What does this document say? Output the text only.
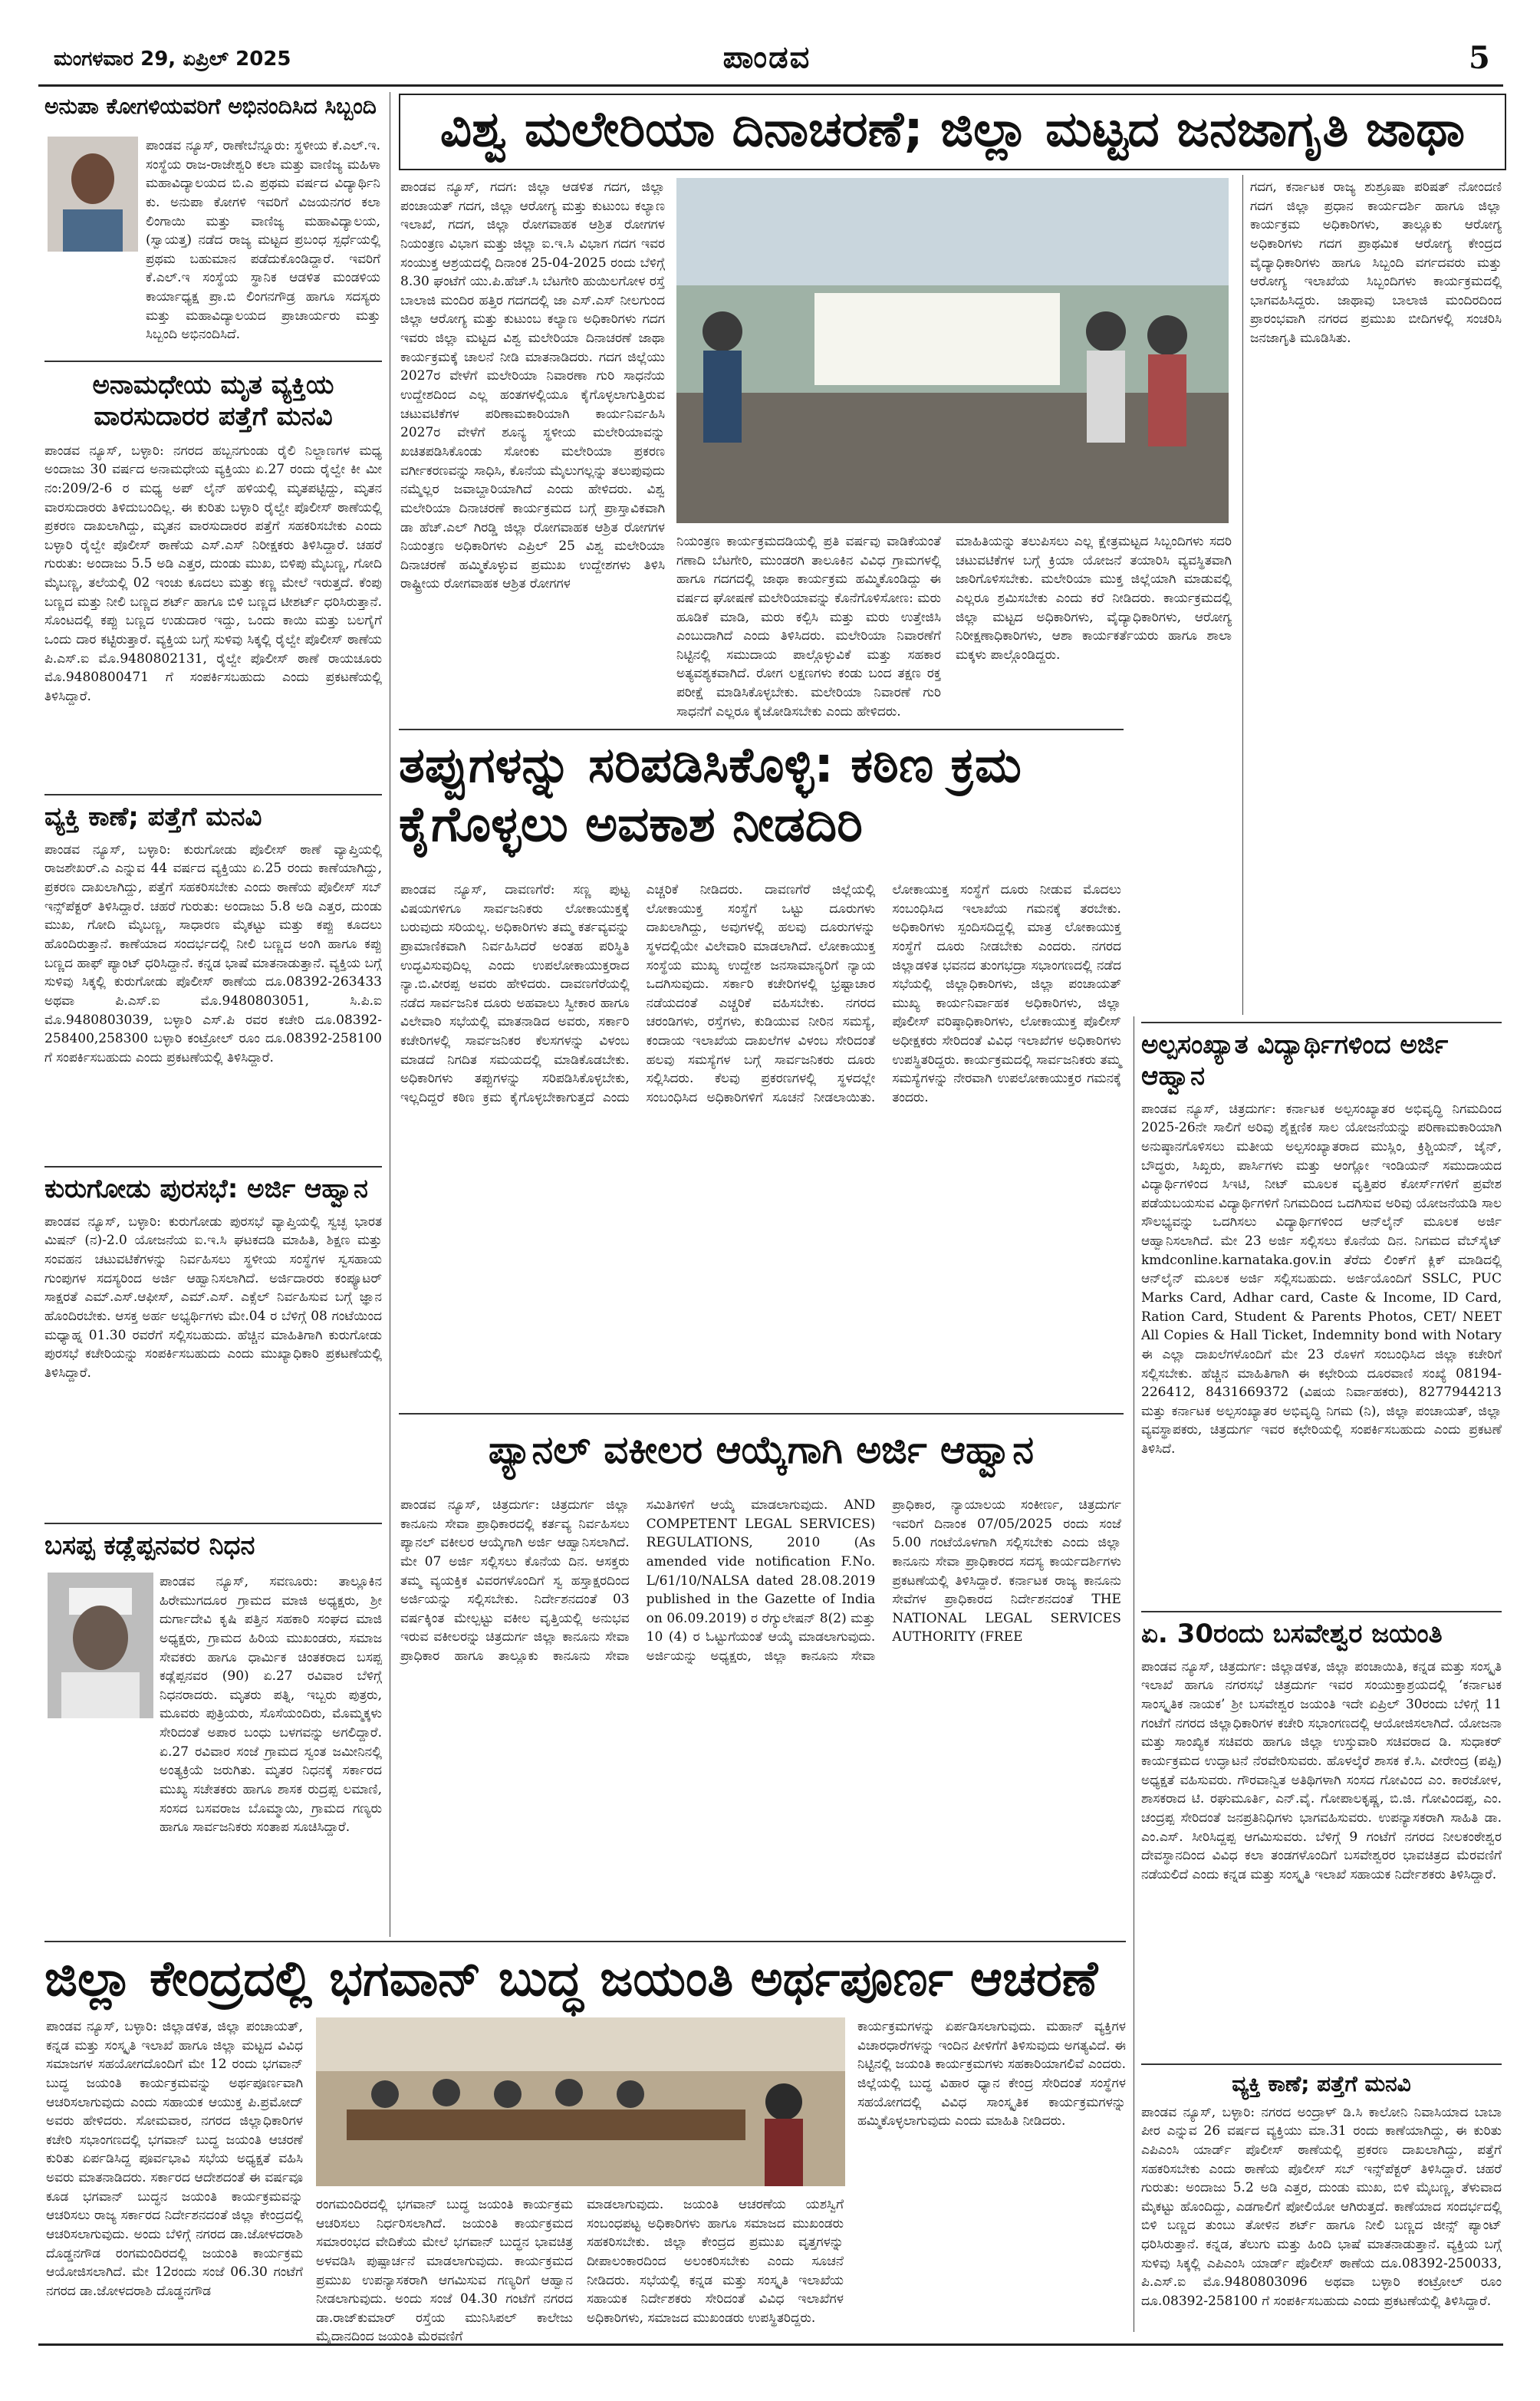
ಮಂಗಳವಾರ 29, ಏಪ್ರಿಲ್ 2025	ಪಾಂಡವ	5
ಅನುಪಾ ಕೋಗಳಿಯವರಿಗೆ ಅಭಿನಂದಿಸಿದ ಸಿಬ್ಬಂದಿ

ಪಾಂಡವ ನ್ಯೂಸ್, ರಾಣೇಬೆನ್ನೂರು: ಸ್ಥಳೀಯ ಕೆ.ಎಲ್.ಇ. ಸಂಸ್ಥೆಯ ರಾಜ-ರಾಜೇಶ್ವರಿ ಕಲಾ ಮತ್ತು ವಾಣಿಜ್ಯ ಮಹಿಳಾ ಮಹಾವಿದ್ಯಾಲಯದ ಬಿ.ಎ ಪ್ರಥಮ ವರ್ಷದ ವಿದ್ಯಾರ್ಥಿನಿ ಕು. ಅನುಪಾ ಕೋಗಳಿ ಇವರಿಗೆ ವಿಜಯನಗರ ಕಲಾ ಲಿಂಗಾಯಿ ಮತ್ತು ವಾಣಿಜ್ಯ ಮಹಾವಿದ್ಯಾಲಯ, (ಸ್ವಾಯತ್ತ) ನಡೆದ ರಾಜ್ಯ ಮಟ್ಟದ ಪ್ರಬಂಧ ಸ್ಪರ್ಧೆಯಲ್ಲಿ ಪ್ರಥಮ ಬಹುಮಾನ ಪಡೆದುಕೊಂಡಿದ್ದಾರೆ. ಇವರಿಗೆ ಕೆ.ಎಲ್.ಇ ಸಂಸ್ಥೆಯ ಸ್ಥಾನಿಕ ಆಡಳಿತ ಮಂಡಳಿಯ ಕಾರ್ಯಾಧ್ಯಕ್ಷ ಪ್ರಾ.ಬಿ ಲಿಂಗನಗೌಡ್ರ ಹಾಗೂ ಸದಸ್ಯರು ಮತ್ತು ಮಹಾವಿದ್ಯಾಲಯದ ಪ್ರಾಚಾರ್ಯರು ಮತ್ತು ಸಿಬ್ಬಂದಿ ಅಭಿನಂದಿಸಿದೆ.

ಅನಾಮಧೇಯ ಮೃತ ವ್ಯಕ್ತಿಯ ವಾರಸುದಾರರ ಪತ್ತೆಗೆ ಮನವಿ

ಪಾಂಡವ ನ್ಯೂಸ್, ಬಳ್ಳಾರಿ: ನಗರದ ಹಬ್ಬನಗುಂಡು ರೈಲಿ ನಿಲ್ದಾಣಗಳ ಮಧ್ಯ ಅಂದಾಜು 30 ವರ್ಷದ ಅನಾಮಧೇಯ ವ್ಯಕ್ತಿಯು ಏ.27 ರಂದು ರೈಲ್ವೇ ಕೀ ಮೀ ನಂ:209/2-6 ರ ಮಧ್ಯ ಅಪ್ ಲೈನ್ ಹಳಿಯಲ್ಲಿ ಮೃತಪಟ್ಟಿದ್ದು, ಮೃತನ ವಾರಸುದಾರರು ತಿಳಿದುಬಂದಿಲ್ಲ. ಈ ಕುರಿತು ಬಳ್ಳಾರಿ ರೈಲ್ವೇ ಪೊಲೀಸ್ ಠಾಣೆಯಲ್ಲಿ ಪ್ರಕರಣ ದಾಖಲಾಗಿದ್ದು, ಮೃತನ ವಾರಸುದಾರರ ಪತ್ತೆಗೆ ಸಹಕರಿಸಬೇಕು ಎಂದು ಬಳ್ಳಾರಿ ರೈಲ್ವೇ ಪೊಲೀಸ್ ಠಾಣೆಯ ಎಸ್.ಎಸ್ ನಿರೀಕ್ಷಕರು ತಿಳಿಸಿದ್ದಾರೆ. ಚಹರೆ ಗುರುತು: ಅಂದಾಜು 5.5 ಅಡಿ ಎತ್ತರ, ದುಂಡು ಮುಖ, ಬಿಳಿಪು ಮೈಬಣ್ಣ, ಗೋದಿ ಮೈಬಣ್ಣ, ತಲೆಯಲ್ಲಿ 02 ಇಂಚು ಕೂದಲು ಮತ್ತು ಕಣ್ಣ ಮೇಲೆ ಇರುತ್ತದೆ. ಕೆಂಪು ಬಣ್ಣದ ಮತ್ತು ನೀಲಿ ಬಣ್ಣದ ಶರ್ಟ್ ಹಾಗೂ ಬಿಳಿ ಬಣ್ಣದ ಟೀಶರ್ಟ್ ಧರಿಸಿರುತ್ತಾನೆ. ಸೊಂಟದಲ್ಲಿ ಕಪ್ಪು ಬಣ್ಣದ ಉಡುದಾರ ಇದ್ದು, ಒಂದು ಕಾಯಿ ಮತ್ತು ಬಲಗೈಗೆ ಒಂದು ದಾರ ಕಟ್ಟಿರುತ್ತಾರೆ. ವ್ಯಕ್ತಿಯ ಬಗ್ಗೆ ಸುಳಿವು ಸಿಕ್ಕಲ್ಲಿ ರೈಲ್ವೇ ಪೊಲೀಸ್ ಠಾಣೆಯ ಪಿ.ಎಸ್.ಐ ಮೊ.9480802131, ರೈಲ್ವೇ ಪೊಲೀಸ್ ಠಾಣೆ ರಾಯಚೂರು ಮೊ.9480800471 ಗೆ ಸಂಪರ್ಕಿಸಬಹುದು ಎಂದು ಪ್ರಕಟಣೆಯಲ್ಲಿ ತಿಳಿಸಿದ್ದಾರೆ.

ವ್ಯಕ್ತಿ ಕಾಣೆ; ಪತ್ತೆಗೆ ಮನವಿ

ಪಾಂಡವ ನ್ಯೂಸ್, ಬಳ್ಳಾರಿ: ಕುರುಗೋಡು ಪೊಲೀಸ್ ಠಾಣೆ ವ್ಯಾಪ್ತಿಯಲ್ಲಿ ರಾಜಶೇಖರ್.ಎ ಎನ್ನುವ 44 ವರ್ಷದ ವ್ಯಕ್ತಿಯು ಏ.25 ರಂದು ಕಾಣೆಯಾಗಿದ್ದು, ಪ್ರಕರಣ ದಾಖಲಾಗಿದ್ದು, ಪತ್ತೆಗೆ ಸಹಕರಿಸಬೇಕು ಎಂದು ಠಾಣೆಯ ಪೊಲೀಸ್ ಸಬ್ ಇನ್ಸ್‌ಪೆಕ್ಟರ್ ತಿಳಿಸಿದ್ದಾರೆ. ಚಹರೆ ಗುರುತು: ಅಂದಾಜು 5.8 ಅಡಿ ಎತ್ತರ, ದುಂಡು ಮುಖ, ಗೋದಿ ಮೈಬಣ್ಣ, ಸಾಧಾರಣ ಮೈಕಟ್ಟು ಮತ್ತು ಕಪ್ಪು ಕೂದಲು ಹೊಂದಿರುತ್ತಾನೆ. ಕಾಣೆಯಾದ ಸಂದರ್ಭದಲ್ಲಿ ನೀಲಿ ಬಣ್ಣದ ಅಂಗಿ ಹಾಗೂ ಕಪ್ಪು ಬಣ್ಣದ ಹಾಫ್ ಪ್ಯಾಂಟ್ ಧರಿಸಿದ್ದಾನೆ. ಕನ್ನಡ ಭಾಷೆ ಮಾತನಾಡುತ್ತಾನೆ. ವ್ಯಕ್ತಿಯ ಬಗ್ಗೆ ಸುಳಿವು ಸಿಕ್ಕಲ್ಲಿ ಕುರುಗೋಡು ಪೊಲೀಸ್ ಠಾಣೆಯ ದೂ.08392-263433 ಅಥವಾ ಪಿ.ಎಸ್.ಐ ಮೊ.9480803051, ಸಿ.ಪಿ.ಐ ಮೊ.9480803039, ಬಳ್ಳಾರಿ ಎಸ್.ಪಿ ರವರ ಕಚೇರಿ ದೂ.08392-258400,258300 ಬಳ್ಳಾರಿ ಕಂಟ್ರೋಲ್ ರೂಂ ದೂ.08392-258100 ಗೆ ಸಂಪರ್ಕಿಸಬಹುದು ಎಂದು ಪ್ರಕಟಣೆಯಲ್ಲಿ ತಿಳಿಸಿದ್ದಾರೆ.

ಕುರುಗೋಡು ಪುರಸಭೆ: ಅರ್ಜಿ ಆಹ್ವಾನ

ಪಾಂಡವ ನ್ಯೂಸ್, ಬಳ್ಳಾರಿ: ಕುರುಗೋಡು ಪುರಸಭೆ ವ್ಯಾಪ್ತಿಯಲ್ಲಿ ಸ್ವಚ್ಛ ಭಾರತ ಮಿಷನ್ (ನ)-2.0 ಯೋಜನೆಯ ಐ.ಇ.ಸಿ ಘಟಕದಡಿ ಮಾಹಿತಿ, ಶಿಕ್ಷಣ ಮತ್ತು ಸಂವಹನ ಚಟುವಟಿಕೆಗಳನ್ನು ನಿರ್ವಹಿಸಲು ಸ್ಥಳೀಯ ಸಂಸ್ಥೆಗಳ ಸ್ವಸಹಾಯ ಗುಂಪುಗಳ ಸದಸ್ಯರಿಂದ ಅರ್ಜಿ ಆಹ್ವಾನಿಸಲಾಗಿದೆ. ಅರ್ಜಿದಾರರು ಕಂಪ್ಯೂಟರ್ ಸಾಕ್ಷರತೆ ಎಮ್.ಎಸ್.ಆಫೀಸ್, ಎಮ್.ಎಸ್. ಎಕ್ಸೆಲ್ ನಿರ್ವಹಿಸುವ ಬಗ್ಗೆ ಜ್ಞಾನ ಹೊಂದಿರಬೇಕು. ಆಸಕ್ತ ಅರ್ಹ ಅಭ್ಯರ್ಥಿಗಳು ಮೇ.04 ರ ಬೆಳಿಗ್ಗೆ 08 ಗಂಟೆಯಿಂದ ಮಧ್ಯಾಹ್ನ 01.30 ರವರೆಗೆ ಸಲ್ಲಿಸಬಹುದು. ಹೆಚ್ಚಿನ ಮಾಹಿತಿಗಾಗಿ ಕುರುಗೋಡು ಪುರಸಭೆ ಕಚೇರಿಯನ್ನು ಸಂಪರ್ಕಿಸಬಹುದು ಎಂದು ಮುಖ್ಯಾಧಿಕಾರಿ ಪ್ರಕಟಣೆಯಲ್ಲಿ ತಿಳಿಸಿದ್ದಾರೆ.

ಬಸಪ್ಪ ಕಡ್ಲೆಪ್ಪನವರ ನಿಧನ

ಪಾಂಡವ ನ್ಯೂಸ್, ಸವಣೂರು: ತಾಲ್ಲೂಕಿನ ಹಿರೇಮುಗದೂರ ಗ್ರಾಮದ ಮಾಜಿ ಅಧ್ಯಕ್ಷರು, ಶ್ರೀ ದುರ್ಗಾದೇವಿ ಕೃಷಿ ಪತ್ತಿನ ಸಹಕಾರಿ ಸಂಘದ ಮಾಜಿ ಅಧ್ಯಕ್ಷರು, ಗ್ರಾಮದ ಹಿರಿಯ ಮುಖಂಡರು, ಸಮಾಜ ಸೇವಕರು ಹಾಗೂ ಧಾರ್ಮಿಕ ಚಿಂತಕರಾದ ಬಸಪ್ಪ ಕಡ್ಲೆಪ್ಪನವರ (90) ಏ.27 ರವಿವಾರ ಬೆಳಿಗ್ಗೆ ನಿಧನರಾದರು. ಮೃತರು ಪತ್ನಿ, ಇಬ್ಬರು ಪುತ್ರರು, ಮೂವರು ಪುತ್ರಿಯರು, ಸೊಸೆಯಂದಿರು, ಮೊಮ್ಮಕ್ಕಳು ಸೇರಿದಂತೆ ಅಪಾರ ಬಂಧು ಬಳಗವನ್ನು ಅಗಲಿದ್ದಾರೆ. ಏ.27 ರವಿವಾರ ಸಂಜೆ ಗ್ರಾಮದ ಸ್ವಂತ ಜಮೀನಿನಲ್ಲಿ ಅಂತ್ಯಕ್ರಿಯೆ ಜರುಗಿತು. ಮೃತರ ನಿಧನಕ್ಕೆ ಸರ್ಕಾರದ ಮುಖ್ಯ ಸಚೇತಕರು ಹಾಗೂ ಶಾಸಕ ರುದ್ರಪ್ಪ ಲಮಾಣಿ, ಸಂಸದ ಬಸವರಾಜ ಬೊಮ್ಮಾಯಿ, ಗ್ರಾಮದ ಗಣ್ಯರು ಹಾಗೂ ಸಾರ್ವಜನಿಕರು ಸಂತಾಪ ಸೂಚಿಸಿದ್ದಾರೆ.

ವಿಶ್ವ ಮಲೇರಿಯಾ ದಿನಾಚರಣೆ; ಜಿಲ್ಲಾ ಮಟ್ಟದ ಜನಜಾಗೃತಿ ಜಾಥಾ

ಪಾಂಡವ ನ್ಯೂಸ್, ಗದಗ: ಜಿಲ್ಲಾ ಆಡಳಿತ ಗದಗ, ಜಿಲ್ಲಾ ಪಂಚಾಯತ್ ಗದಗ, ಜಿಲ್ಲಾ ಆರೋಗ್ಯ ಮತ್ತು ಕುಟುಂಬ ಕಲ್ಯಾಣ ಇಲಾಖೆ, ಗದಗ, ಜಿಲ್ಲಾ ರೋಗವಾಹಕ ಆಶ್ರಿತ ರೋಗಗಳ ನಿಯಂತ್ರಣ ವಿಭಾಗ ಮತ್ತು ಜಿಲ್ಲಾ ಐ.ಇ.ಸಿ ವಿಭಾಗ ಗದಗ ಇವರ ಸಂಯುಕ್ತ ಆಶ್ರಯದಲ್ಲಿ ದಿನಾಂಕ 25-04-2025 ರಂದು ಬೆಳಿಗ್ಗೆ 8.30 ಘಂಟೆಗೆ ಯು.ಪಿ.ಹೆಚ್.ಸಿ ಬೆಟಗೇರಿ ಹುಯಿಲಗೋಳ ರಸ್ತೆ ಬಾಲಾಜಿ ಮಂದಿರ ಹತ್ತಿರ ಗದಗದಲ್ಲಿ ಜಾ ಎಸ್.ಎಸ್ ನೀಲಗುಂದ ಜಿಲ್ಲಾ ಆರೋಗ್ಯ ಮತ್ತು ಕುಟುಂಬ ಕಲ್ಯಾಣ ಅಧಿಕಾರಿಗಳು ಗದಗ ಇವರು ಜಿಲ್ಲಾ ಮಟ್ಟದ ವಿಶ್ವ ಮಲೇರಿಯಾ ದಿನಾಚರಣೆ ಜಾಥಾ ಕಾರ್ಯಕ್ರಮಕ್ಕೆ ಚಾಲನೆ ನೀಡಿ ಮಾತನಾಡಿದರು. ಗದಗ ಜಿಲ್ಲೆಯು 2027ರ ವೇಳೆಗೆ ಮಲೇರಿಯಾ ನಿವಾರಣಾ ಗುರಿ ಸಾಧನೆಯ ಉದ್ದೇಶದಿಂದ ಎಲ್ಲ ಹಂತಗಳಲ್ಲಿಯೂ ಕೈಗೊಳ್ಳಲಾಗುತ್ತಿರುವ ಚಟುವಟಿಕೆಗಳ ಪರಿಣಾಮಕಾರಿಯಾಗಿ ಕಾರ್ಯನಿರ್ವಹಿಸಿ 2027ರ ವೇಳೆಗೆ ಶೂನ್ಯ ಸ್ಥಳೀಯ ಮಲೇರಿಯಾವನ್ನು ಖಚಿತಪಡಿಸಿಕೊಂಡು ಸೋಂಕು ಮಲೇರಿಯಾ ಪ್ರಕರಣ ವರ್ಗೀಕರಣವನ್ನು ಸಾಧಿಸಿ, ಕೊನೆಯ ಮೈಲುಗಲ್ಲನ್ನು ತಲುಪುವುದು ನಮ್ಮೆಲ್ಲರ ಜವಾಬ್ದಾರಿಯಾಗಿದೆ ಎಂದು ಹೇಳಿದರು. ವಿಶ್ವ ಮಲೇರಿಯಾ ದಿನಾಚರಣೆ ಕಾರ್ಯಕ್ರಮದ ಬಗ್ಗೆ ಪ್ರಾಸ್ತಾವಿಕವಾಗಿ ಡಾ ಹೆಚ್.ಎಲ್ ಗಿರಡ್ಡಿ ಜಿಲ್ಲಾ ರೋಗವಾಹಕ ಆಶ್ರಿತ ರೋಗಗಳ ನಿಯಂತ್ರಣ ಅಧಿಕಾರಿಗಳು ಎಪ್ರಿಲ್ 25 ವಿಶ್ವ ಮಲೇರಿಯಾ ದಿನಾಚರಣೆ ಹಮ್ಮಿಕೊಳ್ಳುವ ಪ್ರಮುಖ ಉದ್ದೇಶಗಳು ತಿಳಿಸಿ ರಾಷ್ಟ್ರೀಯ ರೋಗವಾಹಕ ಆಶ್ರಿತ ರೋಗಗಳ

ನಿಯಂತ್ರಣ ಕಾರ್ಯಕ್ರಮದಡಿಯಲ್ಲಿ ಪ್ರತಿ ವರ್ಷವು ವಾಡಿಕೆಯಂತೆ ಗಣಾದಿ ಬೆಟಗೇರಿ, ಮುಂಡರಗಿ ತಾಲೂಕಿನ ವಿವಿಧ ಗ್ರಾಮಗಳಲ್ಲಿ ಹಾಗೂ ಗದಗದಲ್ಲಿ ಜಾಥಾ ಕಾರ್ಯಕ್ರಮ ಹಮ್ಮಿಕೊಂಡಿದ್ದು ಈ ವರ್ಷದ ಘೋಷಣೆ ಮಲೇರಿಯಾವನ್ನು ಕೊನೆಗೊಳಿಸೋಣ: ಮರು ಹೂಡಿಕೆ ಮಾಡಿ, ಮರು ಕಲ್ಪಿಸಿ ಮತ್ತು ಮರು ಉತ್ತೇಜಿಸಿ ಎಂಬುದಾಗಿದೆ ಎಂದು ತಿಳಿಸಿದರು. ಮಲೇರಿಯಾ ನಿವಾರಣೆಗೆ ನಿಟ್ಟಿನಲ್ಲಿ ಸಮುದಾಯ ಪಾಲ್ಗೊಳ್ಳುವಿಕೆ ಮತ್ತು ಸಹಕಾರ ಅತ್ಯವಶ್ಯಕವಾಗಿದೆ. ರೋಗ ಲಕ್ಷಣಗಳು ಕಂಡು ಬಂದ ತಕ್ಷಣ ರಕ್ತ ಪರೀಕ್ಷೆ ಮಾಡಿಸಿಕೊಳ್ಳಬೇಕು. ಮಲೇರಿಯಾ ನಿವಾರಣೆ ಗುರಿ ಸಾಧನೆಗೆ ಎಲ್ಲರೂ ಕೈಜೋಡಿಸಬೇಕು ಎಂದು ಹೇಳಿದರು.

ಮಾಹಿತಿಯನ್ನು ತಲುಪಿಸಲು ಎಲ್ಲ ಕ್ಷೇತ್ರಮಟ್ಟದ ಸಿಬ್ಬಂದಿಗಳು ಸದರಿ ಚಟುವಟಿಕೆಗಳ ಬಗ್ಗೆ ಕ್ರಿಯಾ ಯೋಜನೆ ತಯಾರಿಸಿ ವ್ಯವಸ್ಥಿತವಾಗಿ ಜಾರಿಗೊಳಿಸಬೇಕು. ಮಲೇರಿಯಾ ಮುಕ್ತ ಜಿಲ್ಲೆಯಾಗಿ ಮಾಡುವಲ್ಲಿ ಎಲ್ಲರೂ ಶ್ರಮಿಸಬೇಕು ಎಂದು ಕರೆ ನೀಡಿದರು. ಕಾರ್ಯಕ್ರಮದಲ್ಲಿ ಜಿಲ್ಲಾ ಮಟ್ಟದ ಅಧಿಕಾರಿಗಳು, ವೈದ್ಯಾಧಿಕಾರಿಗಳು, ಆರೋಗ್ಯ ನಿರೀಕ್ಷಣಾಧಿಕಾರಿಗಳು, ಆಶಾ ಕಾರ್ಯಕರ್ತೆಯರು ಹಾಗೂ ಶಾಲಾ ಮಕ್ಕಳು ಪಾಲ್ಗೊಂಡಿದ್ದರು.

ಗದಗ, ಕರ್ನಾಟಕ ರಾಜ್ಯ ಶುಶ್ರೂಷಾ ಪರಿಷತ್ ನೋಂದಣಿ ಗದಗ ಜಿಲ್ಲಾ ಪ್ರಧಾನ ಕಾರ್ಯದರ್ಶಿ ಹಾಗೂ ಜಿಲ್ಲಾ ಕಾರ್ಯಕ್ರಮ ಅಧಿಕಾರಿಗಳು, ತಾಲ್ಲೂಕು ಆರೋಗ್ಯ ಅಧಿಕಾರಿಗಳು ಗದಗ ಪ್ರಾಥಮಿಕ ಆರೋಗ್ಯ ಕೇಂದ್ರದ ವೈದ್ಯಾಧಿಕಾರಿಗಳು ಹಾಗೂ ಸಿಬ್ಬಂದಿ ವರ್ಗದವರು ಮತ್ತು ಆರೋಗ್ಯ ಇಲಾಖೆಯ ಸಿಬ್ಬಂದಿಗಳು ಕಾರ್ಯಕ್ರಮದಲ್ಲಿ ಭಾಗವಹಿಸಿದ್ದರು. ಜಾಥಾವು ಬಾಲಾಜಿ ಮಂದಿರದಿಂದ ಪ್ರಾರಂಭವಾಗಿ ನಗರದ ಪ್ರಮುಖ ಬೀದಿಗಳಲ್ಲಿ ಸಂಚರಿಸಿ ಜನಜಾಗೃತಿ ಮೂಡಿಸಿತು.

ತಪ್ಪುಗಳನ್ನು ಸರಿಪಡಿಸಿಕೊಳ್ಳಿ: ಕಠಿಣ ಕ್ರಮ ಕೈಗೊಳ್ಳಲು ಅವಕಾಶ ನೀಡದಿರಿ

ಪಾಂಡವ ನ್ಯೂಸ್, ದಾವಣಗೆರೆ: ಸಣ್ಣ ಪುಟ್ಟ ವಿಷಯಗಳಿಗೂ ಸಾರ್ವಜನಿಕರು ಲೋಕಾಯುಕ್ತಕ್ಕೆ ಬರುವುದು ಸರಿಯಲ್ಲ. ಅಧಿಕಾರಿಗಳು ತಮ್ಮ ಕರ್ತವ್ಯವನ್ನು ಪ್ರಾಮಾಣಿಕವಾಗಿ ನಿರ್ವಹಿಸಿದರೆ ಅಂತಹ ಪರಿಸ್ಥಿತಿ ಉದ್ಭವಿಸುವುದಿಲ್ಲ ಎಂದು ಉಪಲೋಕಾಯುಕ್ತರಾದ ನ್ಯಾ.ಬಿ.ವೀರಪ್ಪ ಅವರು ಹೇಳಿದರು. ದಾವಣಗೆರೆಯಲ್ಲಿ ನಡೆದ ಸಾರ್ವಜನಿಕ ದೂರು ಅಹವಾಲು ಸ್ವೀಕಾರ ಹಾಗೂ ವಿಲೇವಾರಿ ಸಭೆಯಲ್ಲಿ ಮಾತನಾಡಿದ ಅವರು, ಸರ್ಕಾರಿ ಕಚೇರಿಗಳಲ್ಲಿ ಸಾರ್ವಜನಿಕರ ಕೆಲಸಗಳನ್ನು ವಿಳಂಬ ಮಾಡದೆ ನಿಗದಿತ ಸಮಯದಲ್ಲಿ ಮಾಡಿಕೊಡಬೇಕು. ಅಧಿಕಾರಿಗಳು ತಪ್ಪುಗಳನ್ನು ಸರಿಪಡಿಸಿಕೊಳ್ಳಬೇಕು, ಇಲ್ಲದಿದ್ದರೆ ಕಠಿಣ ಕ್ರಮ ಕೈಗೊಳ್ಳಬೇಕಾಗುತ್ತದೆ ಎಂದು ಎಚ್ಚರಿಕೆ ನೀಡಿದರು. ದಾವಣಗೆರೆ ಜಿಲ್ಲೆಯಲ್ಲಿ ಲೋಕಾಯುಕ್ತ ಸಂಸ್ಥೆಗೆ ಒಟ್ಟು ದೂರುಗಳು ದಾಖಲಾಗಿದ್ದು, ಅವುಗಳಲ್ಲಿ ಹಲವು ದೂರುಗಳನ್ನು ಸ್ಥಳದಲ್ಲಿಯೇ ವಿಲೇವಾರಿ ಮಾಡಲಾಗಿದೆ. ಲೋಕಾಯುಕ್ತ ಸಂಸ್ಥೆಯ ಮುಖ್ಯ ಉದ್ದೇಶ ಜನಸಾಮಾನ್ಯರಿಗೆ ನ್ಯಾಯ ಒದಗಿಸುವುದು. ಸರ್ಕಾರಿ ಕಚೇರಿಗಳಲ್ಲಿ ಭ್ರಷ್ಟಾಚಾರ ನಡೆಯದಂತೆ ಎಚ್ಚರಿಕೆ ವಹಿಸಬೇಕು. ನಗರದ ಚರಂಡಿಗಳು, ರಸ್ತೆಗಳು, ಕುಡಿಯುವ ನೀರಿನ ಸಮಸ್ಯೆ, ಕಂದಾಯ ಇಲಾಖೆಯ ದಾಖಲೆಗಳ ವಿಳಂಬ ಸೇರಿದಂತೆ ಹಲವು ಸಮಸ್ಯೆಗಳ ಬಗ್ಗೆ ಸಾರ್ವಜನಿಕರು ದೂರು ಸಲ್ಲಿಸಿದರು. ಕೆಲವು ಪ್ರಕರಣಗಳಲ್ಲಿ ಸ್ಥಳದಲ್ಲೇ ಸಂಬಂಧಿಸಿದ ಅಧಿಕಾರಿಗಳಿಗೆ ಸೂಚನೆ ನೀಡಲಾಯಿತು. ಲೋಕಾಯುಕ್ತ ಸಂಸ್ಥೆಗೆ ದೂರು ನೀಡುವ ಮೊದಲು ಸಂಬಂಧಿಸಿದ ಇಲಾಖೆಯ ಗಮನಕ್ಕೆ ತರಬೇಕು. ಅಧಿಕಾರಿಗಳು ಸ್ಪಂದಿಸದಿದ್ದಲ್ಲಿ ಮಾತ್ರ ಲೋಕಾಯುಕ್ತ ಸಂಸ್ಥೆಗೆ ದೂರು ನೀಡಬೇಕು ಎಂದರು. ನಗರದ ಜಿಲ್ಲಾಡಳಿತ ಭವನದ ತುಂಗಭದ್ರಾ ಸಭಾಂಗಣದಲ್ಲಿ ನಡೆದ ಸಭೆಯಲ್ಲಿ ಜಿಲ್ಲಾಧಿಕಾರಿಗಳು, ಜಿಲ್ಲಾ ಪಂಚಾಯತ್ ಮುಖ್ಯ ಕಾರ್ಯನಿರ್ವಾಹಕ ಅಧಿಕಾರಿಗಳು, ಜಿಲ್ಲಾ ಪೊಲೀಸ್ ವರಿಷ್ಠಾಧಿಕಾರಿಗಳು, ಲೋಕಾಯುಕ್ತ ಪೊಲೀಸ್ ಅಧೀಕ್ಷಕರು ಸೇರಿದಂತೆ ವಿವಿಧ ಇಲಾಖೆಗಳ ಅಧಿಕಾರಿಗಳು ಉಪಸ್ಥಿತರಿದ್ದರು. ಕಾರ್ಯಕ್ರಮದಲ್ಲಿ ಸಾರ್ವಜನಿಕರು ತಮ್ಮ ಸಮಸ್ಯೆಗಳನ್ನು ನೇರವಾಗಿ ಉಪಲೋಕಾಯುಕ್ತರ ಗಮನಕ್ಕೆ ತಂದರು.

ಪ್ಯಾನಲ್ ವಕೀಲರ ಆಯ್ಕೆಗಾಗಿ ಅರ್ಜಿ ಆಹ್ವಾನ

ಪಾಂಡವ ನ್ಯೂಸ್, ಚಿತ್ರದುರ್ಗ: ಚಿತ್ರದುರ್ಗ ಜಿಲ್ಲಾ ಕಾನೂನು ಸೇವಾ ಪ್ರಾಧಿಕಾರದಲ್ಲಿ ಕರ್ತವ್ಯ ನಿರ್ವಹಿಸಲು ಪ್ಯಾನಲ್ ವಕೀಲರ ಆಯ್ಕೆಗಾಗಿ ಅರ್ಜಿ ಆಹ್ವಾನಿಸಲಾಗಿದೆ. ಮೇ 07 ಅರ್ಜಿ ಸಲ್ಲಿಸಲು ಕೊನೆಯ ದಿನ. ಆಸಕ್ತರು ತಮ್ಮ ವ್ಯಯಕ್ತಿಕ ವಿವರಗಳೊಂದಿಗೆ ಸ್ವ ಹಸ್ತಾಕ್ಷರದಿಂದ ಅರ್ಜಿಯನ್ನು ಸಲ್ಲಿಸಬೇಕು. ನಿರ್ದೇಶನದಂತೆ 03 ವರ್ಷಕ್ಕಿಂತ ಮೇಲ್ಪಟ್ಟು ವಕೀಲ ವೃತ್ತಿಯಲ್ಲಿ ಅನುಭವ ಇರುವ ವಕೀಲರನ್ನು ಚಿತ್ರದುರ್ಗ ಜಿಲ್ಲಾ ಕಾನೂನು ಸೇವಾ ಪ್ರಾಧಿಕಾರ ಹಾಗೂ ತಾಲ್ಲೂಕು ಕಾನೂನು ಸೇವಾ ಸಮಿತಿಗಳಿಗೆ ಆಯ್ಕೆ ಮಾಡಲಾಗುವುದು. AND COMPETENT LEGAL SERVICES) REGULATIONS, 2010 (As amended vide notification F.No. L/61/10/NALSA dated 28.08.2019 published in the Gazette of India on 06.09.2019) ರ ರೆಗ್ಯುಲೇಷನ್ 8(2) ಮತ್ತು 10 (4) ರ ಓಟ್ಟುಗೆಯಂತೆ ಆಯ್ಕೆ ಮಾಡಲಾಗುವುದು. ಅರ್ಜಿಯನ್ನು ಅಧ್ಯಕ್ಷರು, ಜಿಲ್ಲಾ ಕಾನೂನು ಸೇವಾ ಪ್ರಾಧಿಕಾರ, ನ್ಯಾಯಾಲಯ ಸಂಕೀರ್ಣ, ಚಿತ್ರದುರ್ಗ ಇವರಿಗೆ ದಿನಾಂಕ 07/05/2025 ರಂದು ಸಂಜೆ 5.00 ಗಂಟೆಯೊಳಗಾಗಿ ಸಲ್ಲಿಸಬೇಕು ಎಂದು ಜಿಲ್ಲಾ ಕಾನೂನು ಸೇವಾ ಪ್ರಾಧಿಕಾರದ ಸದಸ್ಯ ಕಾರ್ಯದರ್ಶಿಗಳು ಪ್ರಕಟಣೆಯಲ್ಲಿ ತಿಳಿಸಿದ್ದಾರೆ. ಕರ್ನಾಟಕ ರಾಜ್ಯ ಕಾನೂನು ಸೇವೆಗಳ ಪ್ರಾಧಿಕಾರದ ನಿರ್ದೇಶನದಂತೆ THE NATIONAL LEGAL SERVICES AUTHORITY (FREE

ಅಲ್ಪಸಂಖ್ಯಾತ ವಿದ್ಯಾರ್ಥಿಗಳಿಂದ ಅರ್ಜಿ ಆಹ್ವಾನ

ಪಾಂಡವ ನ್ಯೂಸ್, ಚಿತ್ರದುರ್ಗ: ಕರ್ನಾಟಕ ಅಲ್ಪಸಂಖ್ಯಾತರ ಅಭಿವೃದ್ಧಿ ನಿಗಮದಿಂದ 2025-26ನೇ ಸಾಲಿಗೆ ಅರಿವು ಶೈಕ್ಷಣಿಕ ಸಾಲ ಯೋಜನೆಯನ್ನು ಪರಿಣಾಮಕಾರಿಯಾಗಿ ಅನುಷ್ಠಾನಗೊಳಿಸಲು ಮತೀಯ ಅಲ್ಪಸಂಖ್ಯಾತರಾದ ಮುಸ್ಲಿಂ, ಕ್ರಿಶ್ಚಿಯನ್, ಜೈನ್, ಬೌದ್ಧರು, ಸಿಖ್ಖರು, ಪಾರ್ಸಿಗಳು ಮತ್ತು ಆಂಗ್ಲೋ ಇಂಡಿಯನ್ ಸಮುದಾಯದ ವಿದ್ಯಾರ್ಥಿಗಳಿಂದ ಸಿಇಟಿ, ನೀಟ್ ಮೂಲಕ ವೃತ್ತಿಪರ ಕೋರ್ಸ್‌ಗಳಿಗೆ ಪ್ರವೇಶ ಪಡೆಯಬಯಸುವ ವಿದ್ಯಾರ್ಥಿಗಳಿಗೆ ನಿಗಮದಿಂದ ಒದಗಿಸುವ ಅರಿವು ಯೋಜನೆಯಡಿ ಸಾಲ ಸೌಲಭ್ಯವನ್ನು ಒದಗಿಸಲು ವಿದ್ಯಾರ್ಥಿಗಳಿಂದ ಆನ್‌ಲೈನ್ ಮೂಲಕ ಅರ್ಜಿ ಆಹ್ವಾನಿಸಲಾಗಿದೆ. ಮೇ 23 ಅರ್ಜಿ ಸಲ್ಲಿಸಲು ಕೊನೆಯ ದಿನ. ನಿಗಮದ ವೆಬ್‌ಸೈಟ್ kmdconline.karnataka.gov.in ತೆರೆದು ಲಿಂಕ್‌ಗೆ ಕ್ಲಿಕ್ ಮಾಡಿದಲ್ಲಿ ಆನ್‌ಲೈನ್ ಮೂಲಕ ಅರ್ಜಿ ಸಲ್ಲಿಸಬಹುದು. ಅರ್ಜಿಯೊಂದಿಗೆ SSLC, PUC Marks Card, Adhar card, Caste & Income, ID Card, Ration Card, Student & Parents Photos, CET/ NEET All Copies & Hall Ticket, Indemnity bond with Notary ಈ ಎಲ್ಲಾ ದಾಖಲೆಗಳೊಂದಿಗೆ ಮೇ 23 ರೊಳಗೆ ಸಂಬಂಧಿಸಿದ ಜಿಲ್ಲಾ ಕಚೇರಿಗೆ ಸಲ್ಲಿಸಬೇಕು. ಹೆಚ್ಚಿನ ಮಾಹಿತಿಗಾಗಿ ಈ ಕಛೇರಿಯ ದೂರವಾಣಿ ಸಂಖ್ಯೆ 08194-226412, 8431669372 (ವಿಷಯ ನಿರ್ವಾಹಕರು), 8277944213 ಮತ್ತು ಕರ್ನಾಟಕ ಅಲ್ಪಸಂಖ್ಯಾತರ ಅಭಿವೃದ್ಧಿ ನಿಗಮ (ನಿ), ಜಿಲ್ಲಾ ಪಂಚಾಯತ್, ಜಿಲ್ಲಾ ವ್ಯವಸ್ಥಾಪಕರು, ಚಿತ್ರದುರ್ಗ ಇವರ ಕಛೇರಿಯಲ್ಲಿ ಸಂಪರ್ಕಿಸಬಹುದು ಎಂದು ಪ್ರಕಟಣೆ ತಿಳಿಸಿದೆ.

ಏ. 30ರಂದು ಬಸವೇಶ್ವರ ಜಯಂತಿ

ಪಾಂಡವ ನ್ಯೂಸ್, ಚಿತ್ರದುರ್ಗ: ಜಿಲ್ಲಾಡಳಿತ, ಜಿಲ್ಲಾ ಪಂಚಾಯಿತಿ, ಕನ್ನಡ ಮತ್ತು ಸಂಸ್ಕೃತಿ ಇಲಾಖೆ ಹಾಗೂ ನಗರಸಭೆ ಚಿತ್ರದುರ್ಗ ಇವರ ಸಂಯುಕ್ತಾಶ್ರಯದಲ್ಲಿ ‘ಕರ್ನಾಟಕ ಸಾಂಸ್ಕೃತಿಕ ನಾಯಕ’ ಶ್ರೀ ಬಸವೇಶ್ವರ ಜಯಂತಿ ಇದೇ ಏಪ್ರಿಲ್ 30ರಂದು ಬೆಳಿಗ್ಗೆ 11 ಗಂಟೆಗೆ ನಗರದ ಜಿಲ್ಲಾಧಿಕಾರಿಗಳ ಕಚೇರಿ ಸಭಾಂಗಣದಲ್ಲಿ ಆಯೋಜಿಸಲಾಗಿದೆ. ಯೋಜನಾ ಮತ್ತು ಸಾಂಖ್ಯಿಕ ಸಚಿವರು ಹಾಗೂ ಜಿಲ್ಲಾ ಉಸ್ತುವಾರಿ ಸಚಿವರಾದ ಡಿ. ಸುಧಾಕರ್ ಕಾರ್ಯಕ್ರಮದ ಉದ್ಘಾಟನೆ ನೆರವೇರಿಸುವರು. ಹೊಳಲ್ಕೆರೆ ಶಾಸಕ ಕೆ.ಸಿ. ವೀರೇಂದ್ರ (ಪಪ್ಪಿ) ಅಧ್ಯಕ್ಷತೆ ವಹಿಸುವರು. ಗೌರವಾನ್ವಿತ ಅತಿಥಿಗಳಾಗಿ ಸಂಸದ ಗೋವಿಂದ ಎಂ. ಕಾರಜೋಳ, ಶಾಸಕರಾದ ಟಿ. ರಘುಮೂರ್ತಿ, ಎನ್.ವೈ. ಗೋಪಾಲಕೃಷ್ಣ, ಬಿ.ಜಿ. ಗೋವಿಂದಪ್ಪ, ಎಂ. ಚಂದ್ರಪ್ಪ ಸೇರಿದಂತೆ ಜನಪ್ರತಿನಿಧಿಗಳು ಭಾಗವಹಿಸುವರು. ಉಪನ್ಯಾಸಕರಾಗಿ ಸಾಹಿತಿ ಡಾ. ಎಂ.ಎಸ್. ಸೀರಿಸಿದ್ದಪ್ಪ ಆಗಮಿಸುವರು. ಬೆಳಿಗ್ಗೆ 9 ಗಂಟೆಗೆ ನಗರದ ನೀಲಕಂಠೇಶ್ವರ ದೇವಸ್ಥಾನದಿಂದ ವಿವಿಧ ಕಲಾ ತಂಡಗಳೊಂದಿಗೆ ಬಸವೇಶ್ವರರ ಭಾವಚಿತ್ರದ ಮೆರವಣಿಗೆ ನಡೆಯಲಿದೆ ಎಂದು ಕನ್ನಡ ಮತ್ತು ಸಂಸ್ಕೃತಿ ಇಲಾಖೆ ಸಹಾಯಕ ನಿರ್ದೇಶಕರು ತಿಳಿಸಿದ್ದಾರೆ.

ವ್ಯಕ್ತಿ ಕಾಣೆ; ಪತ್ತೆಗೆ ಮನವಿ

ಪಾಂಡವ ನ್ಯೂಸ್, ಬಳ್ಳಾರಿ: ನಗರದ ಅಂದ್ರಾಳ್ ಡಿ.ಸಿ ಕಾಲೋನಿ ನಿವಾಸಿಯಾದ ಬಾಬಾ ಪೀರ ಎನ್ನುವ 26 ವರ್ಷದ ವ್ಯಕ್ತಿಯು ಮಾ.31 ರಂದು ಕಾಣೆಯಾಗಿದ್ದು, ಈ ಕುರಿತು ಎಪಿಎಂಸಿ ಯಾರ್ಡ್ ಪೊಲೀಸ್ ಠಾಣೆಯಲ್ಲಿ ಪ್ರಕರಣ ದಾಖಲಾಗಿದ್ದು, ಪತ್ತೆಗೆ ಸಹಕರಿಸಬೇಕು ಎಂದು ಠಾಣೆಯ ಪೊಲೀಸ್ ಸಬ್ ಇನ್ಸ್‌ಪೆಕ್ಟರ್ ತಿಳಿಸಿದ್ದಾರೆ. ಚಹರೆ ಗುರುತು: ಅಂದಾಜು 5.2 ಅಡಿ ಎತ್ತರ, ದುಂಡು ಮುಖ, ಬಿಳಿ ಮೈಬಣ್ಣ, ತೆಳುವಾದ ಮೈಕಟ್ಟು ಹೊಂದಿದ್ದು, ಎಡಗಾಲಿಗೆ ಪೋಲಿಯೋ ಆಗಿರುತ್ತದೆ. ಕಾಣೆಯಾದ ಸಂದರ್ಭದಲ್ಲಿ ಬಿಳಿ ಬಣ್ಣದ ತುಂಬು ತೋಳಿನ ಶರ್ಟ್ ಹಾಗೂ ನೀಲಿ ಬಣ್ಣದ ಜೀನ್ಸ್ ಪ್ಯಾಂಟ್ ಧರಿಸಿರುತ್ತಾನೆ. ಕನ್ನಡ, ತೆಲುಗು ಮತ್ತು ಹಿಂದಿ ಭಾಷೆ ಮಾತನಾಡುತ್ತಾನೆ. ವ್ಯಕ್ತಿಯ ಬಗ್ಗೆ ಸುಳಿವು ಸಿಕ್ಕಲ್ಲಿ ಎಪಿಎಂಸಿ ಯಾರ್ಡ್ ಪೊಲೀಸ್ ಠಾಣೆಯ ದೂ.08392-250033, ಪಿ.ಎಸ್.ಐ ಮೊ.9480803096 ಅಥವಾ ಬಳ್ಳಾರಿ ಕಂಟ್ರೋಲ್ ರೂಂ ದೂ.08392-258100 ಗೆ ಸಂಪರ್ಕಿಸಬಹುದು ಎಂದು ಪ್ರಕಟಣೆಯಲ್ಲಿ ತಿಳಿಸಿದ್ದಾರೆ.

ಜಿಲ್ಲಾ ಕೇಂದ್ರದಲ್ಲಿ ಭಗವಾನ್ ಬುದ್ಧ ಜಯಂತಿ ಅರ್ಥಪೂರ್ಣ ಆಚರಣೆ

ಪಾಂಡವ ನ್ಯೂಸ್, ಬಳ್ಳಾರಿ: ಜಿಲ್ಲಾಡಳಿತ, ಜಿಲ್ಲಾ ಪಂಚಾಯತ್, ಕನ್ನಡ ಮತ್ತು ಸಂಸ್ಕೃತಿ ಇಲಾಖೆ ಹಾಗೂ ಜಿಲ್ಲಾ ಮಟ್ಟದ ವಿವಿಧ ಸಮಾಜಗಳ ಸಹಯೋಗದೊಂದಿಗೆ ಮೇ 12 ರಂದು ಭಗವಾನ್ ಬುದ್ಧ ಜಯಂತಿ ಕಾರ್ಯಕ್ರಮವನ್ನು ಅರ್ಥಪೂರ್ಣವಾಗಿ ಆಚರಿಸಲಾಗುವುದು ಎಂದು ಸಹಾಯಕ ಆಯುಕ್ತ ಪಿ.ಪ್ರಮೋದ್ ಅವರು ಹೇಳಿದರು. ಸೋಮವಾರ, ನಗರದ ಜಿಲ್ಲಾಧಿಕಾರಿಗಳ ಕಚೇರಿ ಸಭಾಂಗಣದಲ್ಲಿ ಭಗವಾನ್ ಬುದ್ಧ ಜಯಂತಿ ಆಚರಣೆ ಕುರಿತು ಏರ್ಪಡಿಸಿದ್ದ ಪೂರ್ವಭಾವಿ ಸಭೆಯ ಅಧ್ಯಕ್ಷತೆ ವಹಿಸಿ ಅವರು ಮಾತನಾಡಿದರು. ಸರ್ಕಾರದ ಆದೇಶದಂತೆ ಈ ವರ್ಷವೂ ಕೂಡ ಭಗವಾನ್ ಬುದ್ಧನ ಜಯಂತಿ ಕಾರ್ಯಕ್ರಮವನ್ನು ಆಚರಿಸಲು ರಾಜ್ಯ ಸರ್ಕಾರದ ನಿರ್ದೇಶನದಂತೆ ಜಿಲ್ಲಾ ಕೇಂದ್ರದಲ್ಲಿ ಆಚರಿಸಲಾಗುವುದು. ಅಂದು ಬೆಳಿಗ್ಗೆ ನಗರದ ಡಾ.ಜೋಳದರಾಶಿ ದೊಡ್ಡನಗೌಡ ರಂಗಮಂದಿರದಲ್ಲಿ ಜಯಂತಿ ಕಾರ್ಯಕ್ರಮ ಆಯೋಜಿಸಲಾಗಿದೆ. ಮೇ 12ರಂದು ಸಂಜೆ 06.30 ಗಂಟೆಗೆ ನಗರದ ಡಾ.ಜೋಳದರಾಶಿ ದೊಡ್ಡನಗೌಡ

ರಂಗಮಂದಿರದಲ್ಲಿ ಭಗವಾನ್ ಬುದ್ಧ ಜಯಂತಿ ಕಾರ್ಯಕ್ರಮ ಆಚರಿಸಲು ನಿರ್ಧರಿಸಲಾಗಿದೆ. ಜಯಂತಿ ಕಾರ್ಯಕ್ರಮದ ಸಮಾರಂಭದ ವೇದಿಕೆಯ ಮೇಲೆ ಭಗವಾನ್ ಬುದ್ಧನ ಭಾವಚಿತ್ರ ಅಳವಡಿಸಿ ಪುಷ್ಪಾರ್ಚನೆ ಮಾಡಲಾಗುವುದು. ಕಾರ್ಯಕ್ರಮದ ಪ್ರಮುಖ ಉಪನ್ಯಾಸಕರಾಗಿ ಆಗಮಿಸುವ ಗಣ್ಯರಿಗೆ ಆಹ್ವಾನ ನೀಡಲಾಗುವುದು. ಅಂದು ಸಂಜೆ 04.30 ಗಂಟೆಗೆ ನಗರದ ಡಾ.ರಾಜ್‌ಕುಮಾರ್ ರಸ್ತೆಯ ಮುನಿಸಿಪಲ್ ಕಾಲೇಜು ಮೈದಾನದಿಂದ ಜಯಂತಿ ಮೆರವಣಿಗೆ

ಮಾಡಲಾಗುವುದು. ಜಯಂತಿ ಆಚರಣೆಯ ಯಶಸ್ವಿಗೆ ಸಂಬಂಧಪಟ್ಟ ಅಧಿಕಾರಿಗಳು ಹಾಗೂ ಸಮಾಜದ ಮುಖಂಡರು ಸಹಕರಿಸಬೇಕು. ಜಿಲ್ಲಾ ಕೇಂದ್ರದ ಪ್ರಮುಖ ವೃತ್ತಗಳನ್ನು ದೀಪಾಲಂಕಾರದಿಂದ ಅಲಂಕರಿಸಬೇಕು ಎಂದು ಸೂಚನೆ ನೀಡಿದರು. ಸಭೆಯಲ್ಲಿ ಕನ್ನಡ ಮತ್ತು ಸಂಸ್ಕೃತಿ ಇಲಾಖೆಯ ಸಹಾಯಕ ನಿರ್ದೇಶಕರು ಸೇರಿದಂತೆ ವಿವಿಧ ಇಲಾಖೆಗಳ ಅಧಿಕಾರಿಗಳು, ಸಮಾಜದ ಮುಖಂಡರು ಉಪಸ್ಥಿತರಿದ್ದರು.

ಕಾರ್ಯಕ್ರಮಗಳನ್ನು ಏರ್ಪಡಿಸಲಾಗುವುದು. ಮಹಾನ್ ವ್ಯಕ್ತಿಗಳ ವಿಚಾರಧಾರೆಗಳನ್ನು ಇಂದಿನ ಪೀಳಿಗೆಗೆ ತಿಳಿಸುವುದು ಅಗತ್ಯವಿದೆ. ಈ ನಿಟ್ಟಿನಲ್ಲಿ ಜಯಂತಿ ಕಾರ್ಯಕ್ರಮಗಳು ಸಹಕಾರಿಯಾಗಲಿವೆ ಎಂದರು. ಜಿಲ್ಲೆಯಲ್ಲಿ ಬುದ್ಧ ವಿಹಾರ ಧ್ಯಾನ ಕೇಂದ್ರ ಸೇರಿದಂತೆ ಸಂಸ್ಥೆಗಳ ಸಹಯೋಗದಲ್ಲಿ ವಿವಿಧ ಸಾಂಸ್ಕೃತಿಕ ಕಾರ್ಯಕ್ರಮಗಳನ್ನು ಹಮ್ಮಿಕೊಳ್ಳಲಾಗುವುದು ಎಂದು ಮಾಹಿತಿ ನೀಡಿದರು.
